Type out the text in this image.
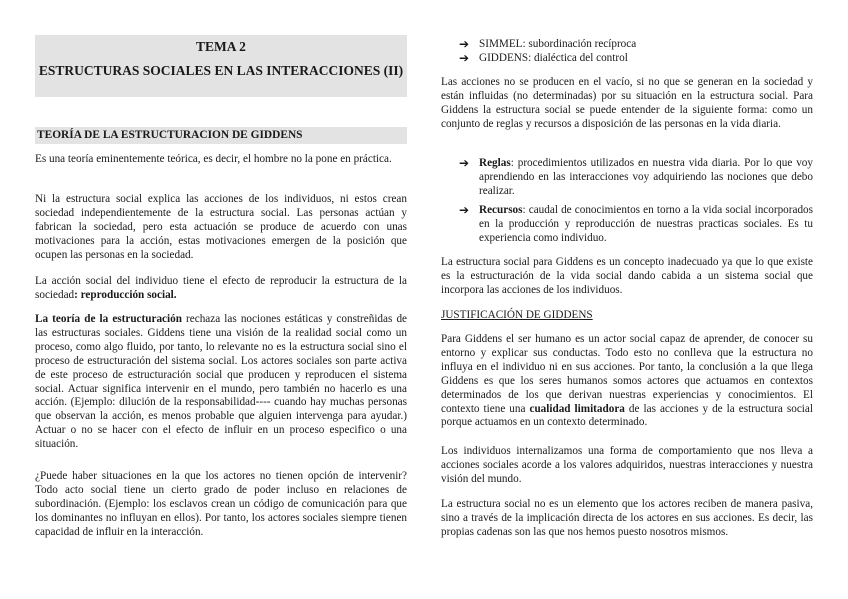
TEMA 2
ESTRUCTURAS SOCIALES EN LAS INTERACCIONES (II)
TEORÍA DE LA ESTRUCTURACION DE GIDDENS

Es una teoría eminentemente teórica, es decir, el hombre no la pone en práctica.

Ni la estructura social explica las acciones de los individuos, ni estos crean sociedad independientemente de la estructura social. Las personas actúan y fabrican la sociedad, pero esta actuación se produce de acuerdo con unas motivaciones para la acción, estas motivaciones emergen de la posición que ocupen las personas en la sociedad.

La acción social del individuo tiene el efecto de reproducir la estructura de la sociedad: reproducción social.

La teoría de la estructuración rechaza las nociones estáticas y constreñidas de las estructuras sociales. Giddens tiene una visión de la realidad social como un proceso, como algo fluido, por tanto, lo relevante no es la estructura social sino el proceso de estructuración del sistema social. Los actores sociales son parte activa de este proceso de estructuración social que producen y reproducen el sistema social. Actuar significa intervenir en el mundo, pero también no hacerlo es una acción. (Ejemplo: dilución de la responsabilidad---- cuando hay muchas personas que observan la acción, es menos probable que alguien intervenga para ayudar.) Actuar o no se hacer con el efecto de influir en un proceso especifico o una situación.

¿Puede haber situaciones en la que los actores no tienen opción de intervenir? Todo acto social tiene un cierto grado de poder incluso en relaciones de subordinación. (Ejemplo: los esclavos crean un código de comunicación para que los dominantes no influyan en ellos). Por tanto, los actores sociales siempre tienen capacidad de influir en la interacción.

➔ SIMMEL: subordinación recíproca

➔ GIDDENS: dialéctica del control

Las acciones no se producen en el vacío, si no que se generan en la sociedad y están influidas (no determinadas) por su situación en la estructura social. Para Giddens la estructura social se puede entender de la siguiente forma: como un conjunto de reglas y recursos a disposición de las personas en la vida diaria.

➔ Reglas: procedimientos utilizados en nuestra vida diaria. Por lo que voy aprendiendo en las interacciones voy adquiriendo las nociones que debo realizar.

➔ Recursos: caudal de conocimientos en torno a la vida social incorporados en la producción y reproducción de nuestras practicas sociales. Es tu experiencia como individuo.

La estructura social para Giddens es un concepto inadecuado ya que lo que existe es la estructuración de la vida social dando cabida a un sistema social que incorpora las acciones de los individuos.

JUSTIFICACIÓN DE GIDDENS

Para Giddens el ser humano es un actor social capaz de aprender, de conocer su entorno y explicar sus conductas. Todo esto no conlleva que la estructura no influya en el individuo ni en sus acciones. Por tanto, la conclusión a la que llega Giddens es que los seres humanos somos actores que actuamos en contextos determinados de los que derivan nuestras experiencias y conocimientos. El contexto tiene una cualidad limitadora de las acciones y de la estructura social porque actuamos en un contexto determinado.

Los individuos internalizamos una forma de comportamiento que nos lleva a acciones sociales acorde a los valores adquiridos, nuestras interacciones y nuestra visión del mundo.

La estructura social no es un elemento que los actores reciben de manera pasiva, sino a través de la implicación directa de los actores en sus acciones. Es decir, las propias cadenas son las que nos hemos puesto nosotros mismos.
